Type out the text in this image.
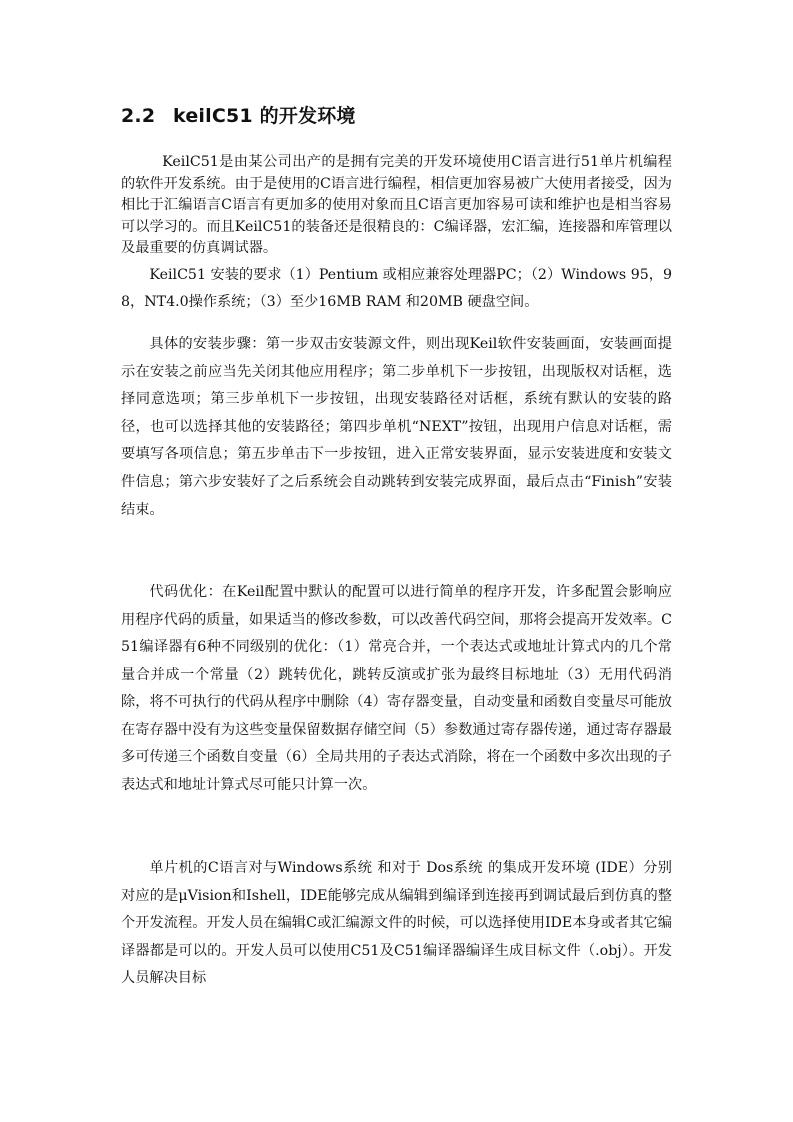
2.2 keilC51 的开发环境

KeilC51是由某公司出产的是拥有完美的开发环境使用C语言进行51单片机编程的软件开发系统。由于是使用的C语言进行编程，相信更加容易被广大使用者接受，因为相比于汇编语言C语言有更加多的使用对象而且C语言更加容易可读和维护也是相当容易可以学习的。而且KeilC51的装备还是很精良的：C编译器，宏汇编，连接器和库管理以及最重要的仿真调试器。

KeilC51 安装的要求（1）Pentium 或相应兼容处理器PC；（2）Windows 95，98，NT4.0操作系统；（3）至少16MB RAM 和20MB 硬盘空间。

具体的安装步骤：第一步双击安装源文件，则出现Keil软件安装画面，安装画面提示在安装之前应当先关闭其他应用程序；第二步单机下一步按钮，出现版权对话框，选择同意选项；第三步单机下一步按钮，出现安装路径对话框，系统有默认的安装的路径，也可以选择其他的安装路径；第四步单机“NEXT”按钮，出现用户信息对话框，需要填写各项信息；第五步单击下一步按钮，进入正常安装界面，显示安装进度和安装文件信息；第六步安装好了之后系统会自动跳转到安装完成界面，最后点击“Finish”安装结束。

代码优化：在Keil配置中默认的配置可以进行简单的程序开发，许多配置会影响应用程序代码的质量，如果适当的修改参数，可以改善代码空间，那将会提高开发效率。C51编译器有6种不同级别的优化：（1）常亮合并，一个表达式或地址计算式内的几个常量合并成一个常量（2）跳转优化，跳转反演或扩张为最终目标地址（3）无用代码消除，将不可执行的代码从程序中删除（4）寄存器变量，自动变量和函数自变量尽可能放在寄存器中没有为这些变量保留数据存储空间（5）参数通过寄存器传递，通过寄存器最多可传递三个函数自变量（6）全局共用的子表达式消除，将在一个函数中多次出现的子表达式和地址计算式尽可能只计算一次。

单片机的C语言对与Windows系统 和对于 Dos系统 的集成开发环境 (IDE）分别对应的是μVision和Ishell，IDE能够完成从编辑到编译到连接再到调试最后到仿真的整个开发流程。开发人员在编辑C或汇编源文件的时候，可以选择使用IDE本身或者其它编译器都是可以的。开发人员可以使用C51及C51编译器编译生成目标文件（.obj）。开发人员解决目标
